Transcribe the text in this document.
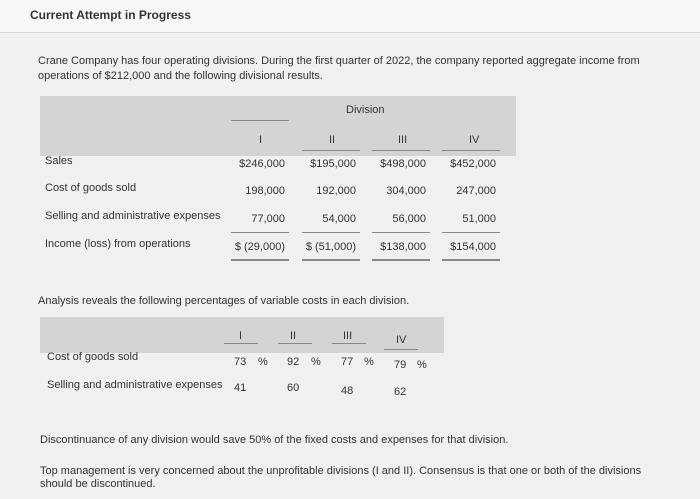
Current Attempt in Progress
Crane Company has four operating divisions. During the first quarter of 2022, the company reported aggregate income from operations of $212,000 and the following divisional results.
Division
I	II	III	IV
Sales	$246,000	$195,000	$498,000	$452,000
Cost of goods sold	198,000	192,000	304,000	247,000
Selling and administrative expenses	77,000	54,000	56,000	51,000
Income (loss) from operations	$ (29,000)	$ (51,000)	$138,000	$154,000
Analysis reveals the following percentages of variable costs in each division.
I	II	III	IV
Cost of goods sold	73 % 92 % 77 % 79 %
Selling and administrative expenses 41	60	48	62
Discontinuance of any division would save 50% of the fixed costs and expenses for that division.
Top management is very concerned about the unprofitable divisions (I and II). Consensus is that one or both of the divisions should be discontinued.
